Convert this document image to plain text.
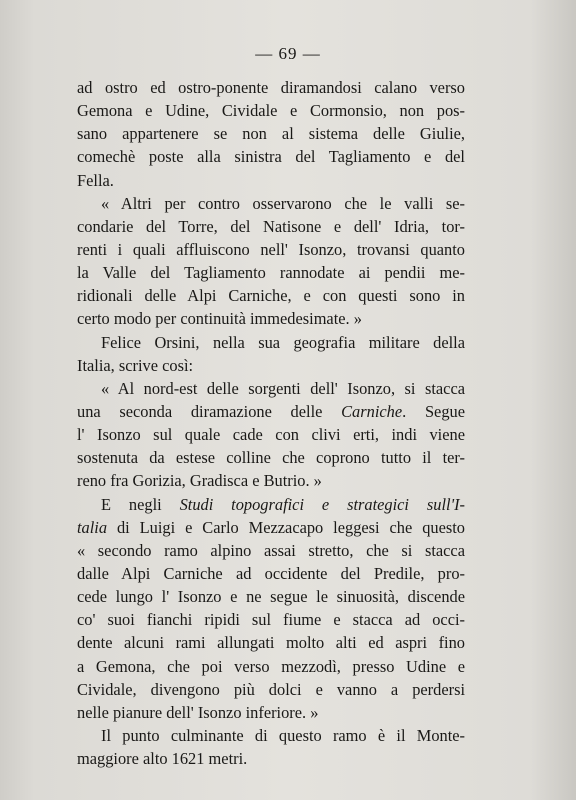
— 69 —
ad ostro ed ostro-ponente diramandosi calano verso
Gemona e Udine, Cividale e Cormonsio, non pos-
sano appartenere se non al sistema delle Giulie,
comechè poste alla sinistra del Tagliamento e del
Fella.
« Altri per contro osservarono che le valli se-
condarie del Torre, del Natisone e dell' Idria, tor-
renti i quali affluiscono nell' Isonzo, trovansi quanto
la Valle del Tagliamento rannodate ai pendii me-
ridionali delle Alpi Carniche, e con questi sono in
certo modo per continuità immedesimate. »
Felice Orsini, nella sua geografia militare della
Italia, scrive così:
« Al nord-est delle sorgenti dell' Isonzo, si stacca
una seconda diramazione delle Carniche. Segue
l' Isonzo sul quale cade con clivi erti, indi viene
sostenuta da estese colline che coprono tutto il ter-
reno fra Gorizia, Gradisca e Butrio. »
E negli Studi topografici e strategici sull'I-
talia di Luigi e Carlo Mezzacapo leggesi che questo
« secondo ramo alpino assai stretto, che si stacca
dalle Alpi Carniche ad occidente del Predile, pro-
cede lungo l' Isonzo e ne segue le sinuosità, discende
co' suoi fianchi ripidi sul fiume e stacca ad occi-
dente alcuni rami allungati molto alti ed aspri fino
a Gemona, che poi verso mezzodì, presso Udine e
Cividale, divengono più dolci e vanno a perdersi
nelle pianure dell' Isonzo inferiore. »
Il punto culminante di questo ramo è il Monte-
maggiore alto 1621 metri.
